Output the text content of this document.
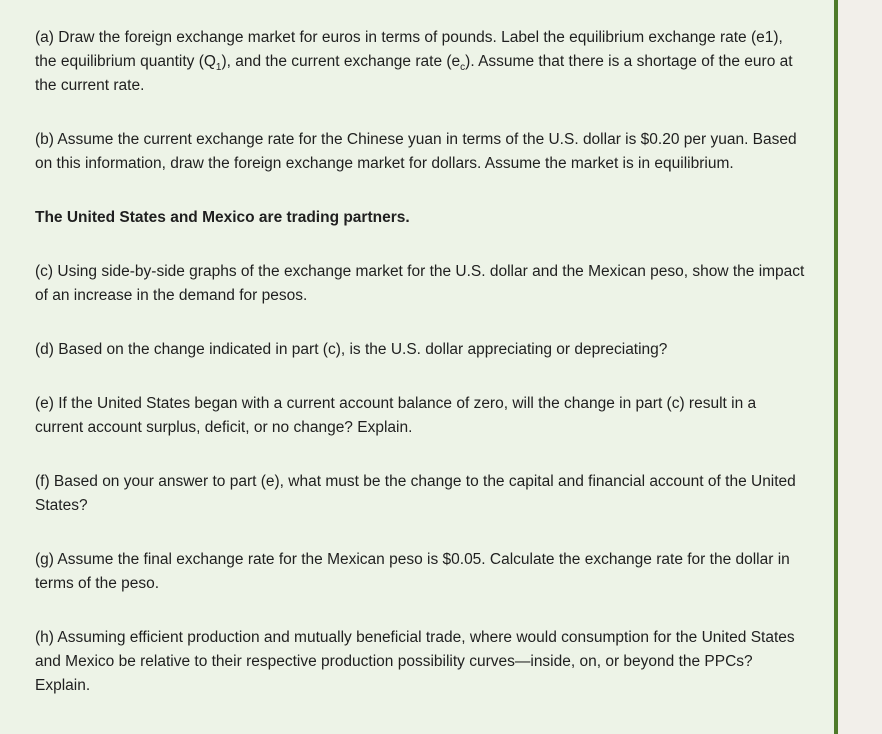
(a) Draw the foreign exchange market for euros in terms of pounds. Label the equilibrium exchange rate (e1), the equilibrium quantity $(Q_1)$, and the current exchange rate $(e_c)$. Assume that there is a shortage of the euro at the current rate.

(b) Assume the current exchange rate for the Chinese yuan in terms of the U.S. dollar is $0.20 per yuan. Based on this information, draw the foreign exchange market for dollars. Assume the market is in equilibrium.

The United States and Mexico are trading partners.

(c) Using side-by-side graphs of the exchange market for the U.S. dollar and the Mexican peso, show the impact of an increase in the demand for pesos.

(d) Based on the change indicated in part (c), is the U.S. dollar appreciating or depreciating?

(e) If the United States began with a current account balance of zero, will the change in part (c) result in a current account surplus, deficit, or no change? Explain.

(f) Based on your answer to part (e), what must be the change to the capital and financial account of the United States?

(g) Assume the final exchange rate for the Mexican peso is $0.05. Calculate the exchange rate for the dollar in terms of the peso.

(h) Assuming efficient production and mutually beneficial trade, where would consumption for the United States and Mexico be relative to their respective production possibility curves—inside, on, or beyond the PPCs? Explain.
